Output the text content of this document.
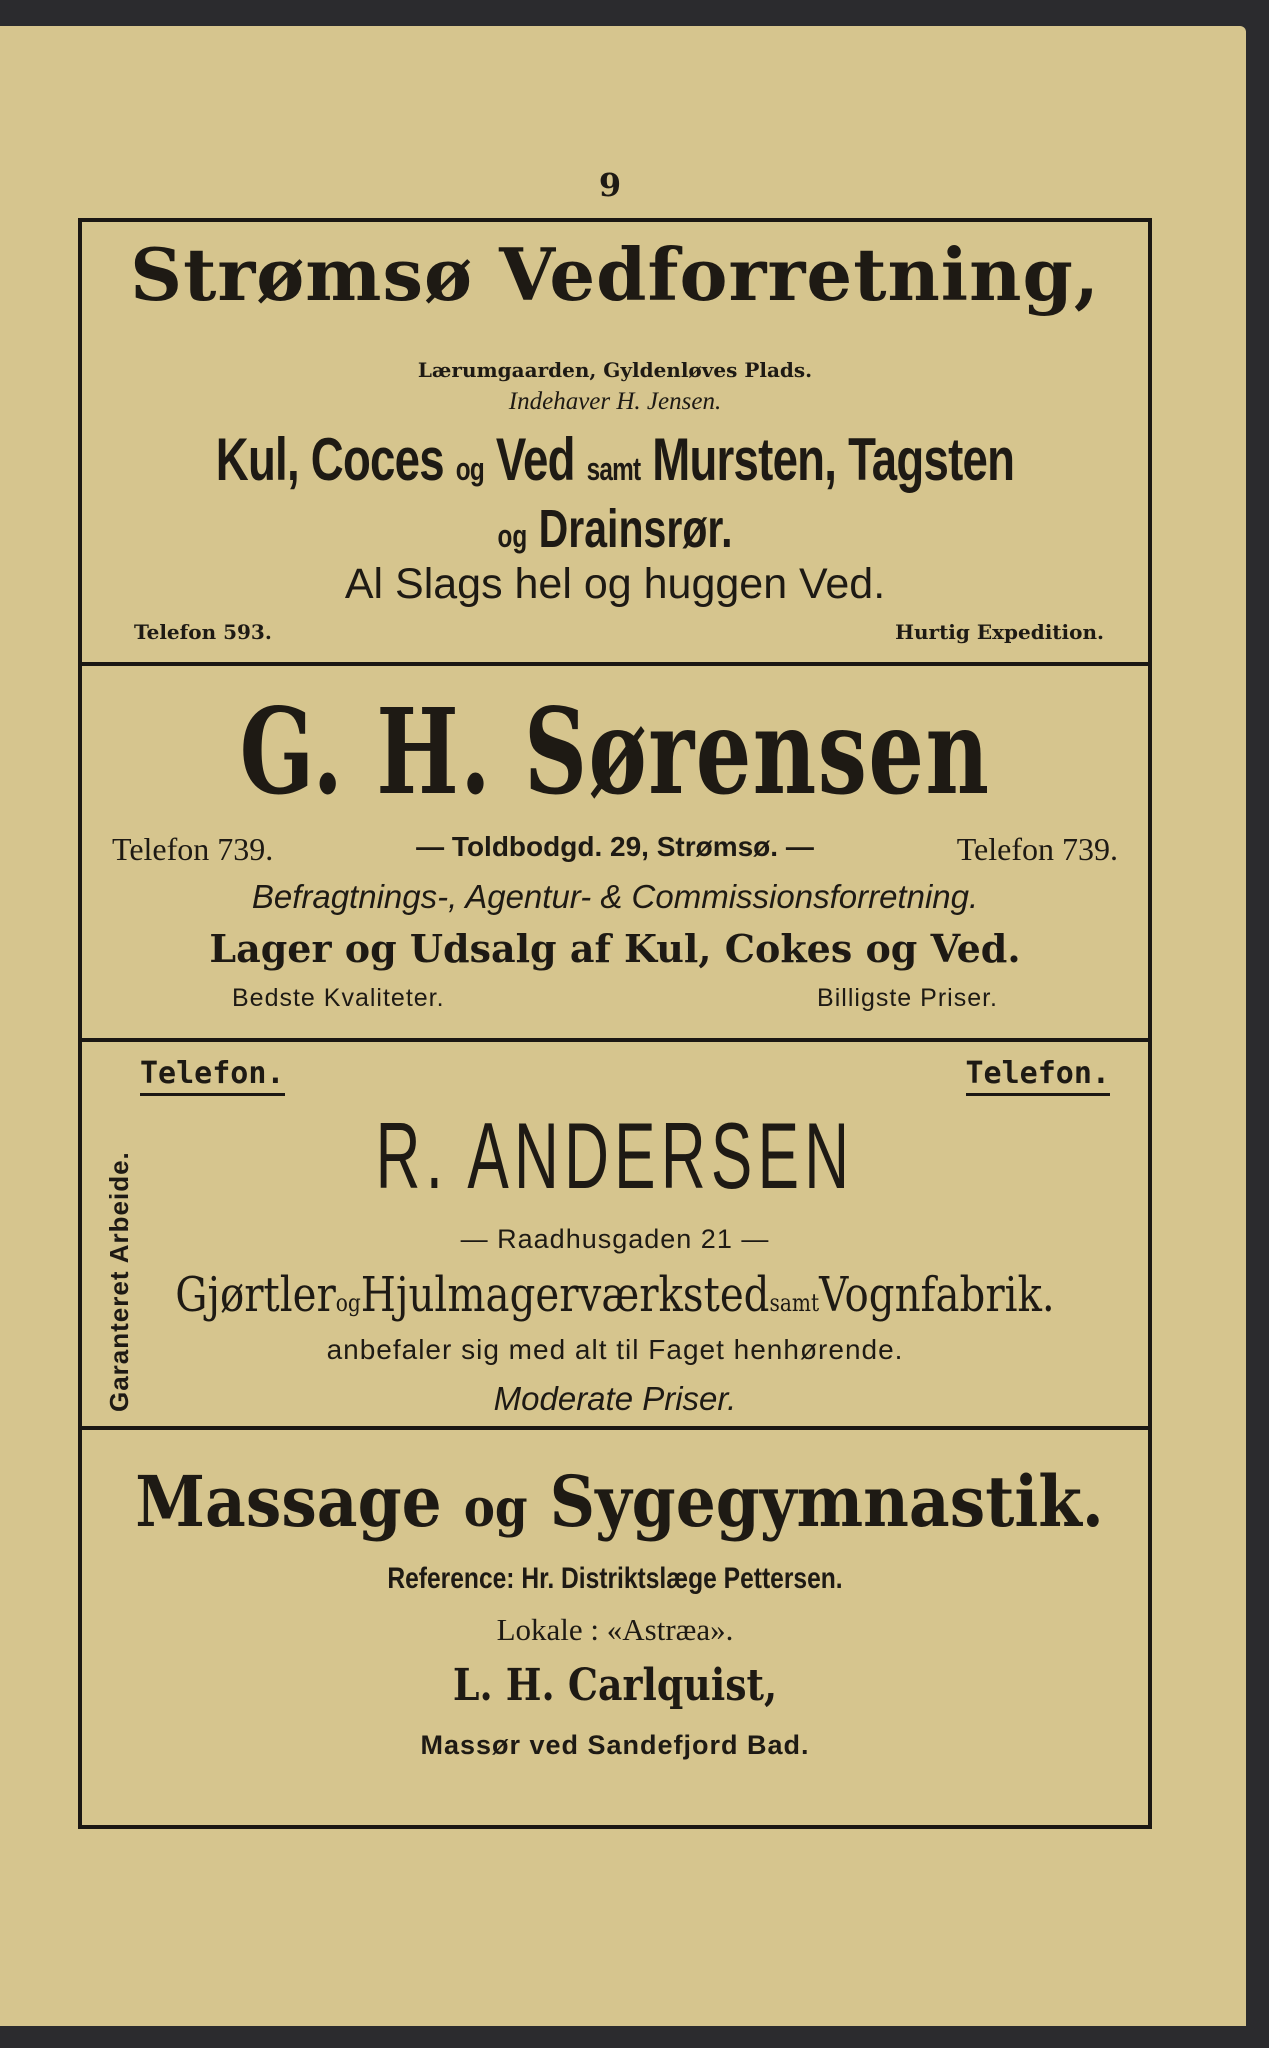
9
Strømsø Vedforretning,
Lærumgaarden, Gyldenløves Plads.
Indehaver H. Jensen.
Kul, Coces og Ved samt Mursten, Tagsten
og Drainsrør.
Al Slags hel og huggen Ved.
Telefon 593.	Hurtig Expedition.
G. H. Sørensen
Telefon 739.	— Toldbodgd. 29, Strømsø. —	Telefon 739.
Befragtnings-, Agentur- & Commissionsforretning.
Lager og Udsalg af Kul, Cokes og Ved.
Bedste Kvaliteter.	Billigste Priser.
Garanteret Arbeide.
Telefon.	Telefon.
R. ANDERSEN
— Raadhusgaden 21 —
GjørtlerogHjulmagerværkstedsamtVognfabrik.
anbefaler sig med alt til Faget henhørende.
Moderate Priser.
Massage og Sygegymnastik.
Reference: Hr. Distriktslæge Pettersen.
Lokale : «Astræa».
L. H. Carlquist,
Massør ved Sandefjord Bad.
